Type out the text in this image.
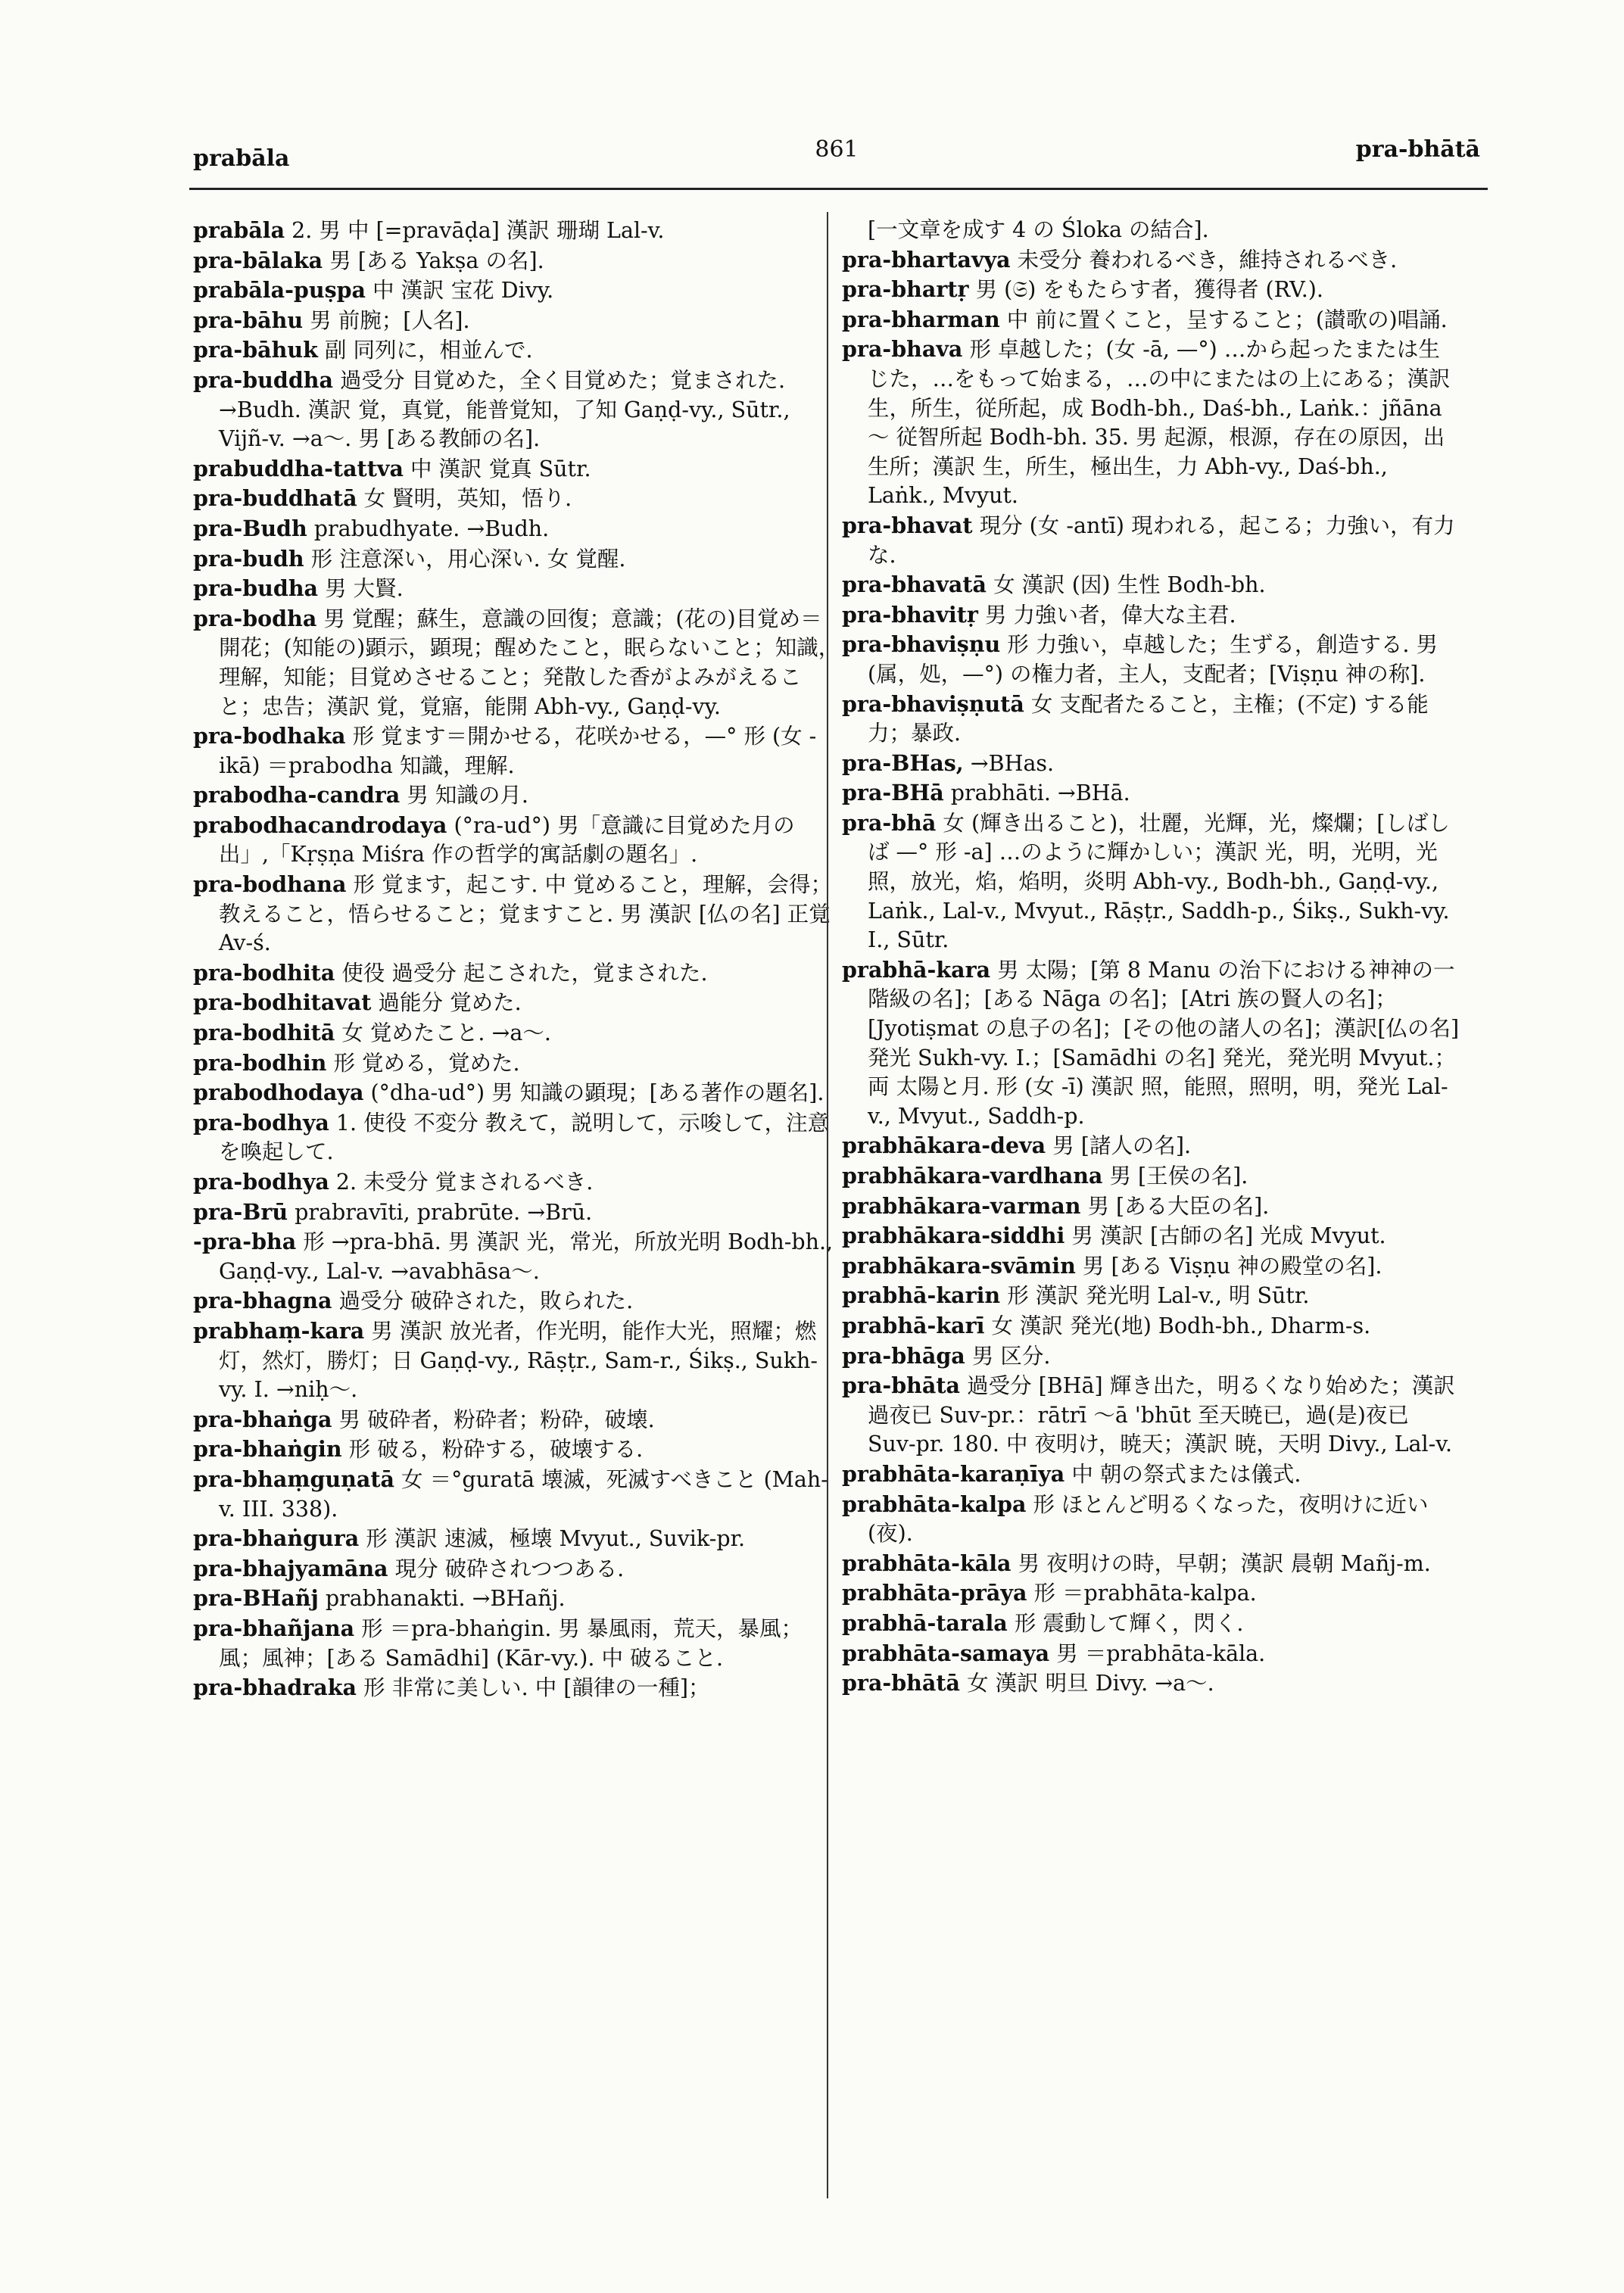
prabāla	861	pra-bhātā

prabāla 2. 男 中 [=pravāḍa] 漢訳 珊瑚 Lal-v.

pra-bālaka 男 [ある Yakṣa の名].

prabāla-puṣpa 中 漢訳 宝花 Divy.

pra-bāhu 男 前腕；[人名].

pra-bāhuk 副 同列に，相並んで.

pra-buddha 過受分 目覚めた，全く目覚めた；覚まされた. →Budh. 漢訳 覚，真覚，能普覚知，了知 Gaṇḍ-vy., Sūtr., Vijñ-v. →a～. 男 [ある教師の名].

prabuddha-tattva 中 漢訳 覚真 Sūtr.

pra-buddhatā 女 賢明，英知，悟り.

pra-Budh prabudhyate. →Budh.

pra-budh 形 注意深い，用心深い. 女 覚醒.

pra-budha 男 大賢.

pra-bodha 男 覚醒；蘇生，意識の回復；意識；(花の)目覚め＝開花；(知能の)顕示，顕現；醒めたこと，眠らないこと；知識，理解，知能；目覚めさせること；発散した香がよみがえること；忠告；漢訳 覚，覚寤，能開 Abh-vy., Gaṇḍ-vy.

pra-bodhaka 形 覚ます＝開かせる，花咲かせる，—° 形 (女 -ikā) ＝prabodha 知識，理解.

prabodha-candra 男 知識の月.

prabodhacandrodaya (°ra-ud°) 男「意識に目覚めた月の出」,「Kṛṣṇa Miśra 作の哲学的寓話劇の題名」.

pra-bodhana 形 覚ます，起こす. 中 覚めること，理解，会得；教えること，悟らせること；覚ますこと. 男 漢訳 [仏の名] 正覚 Av-ś.

pra-bodhita 使役 過受分 起こされた，覚まされた.

pra-bodhitavat 過能分 覚めた.

pra-bodhitā 女 覚めたこと. →a～.

pra-bodhin 形 覚める，覚めた.

prabodhodaya (°dha-ud°) 男 知識の顕現；[ある著作の題名].

pra-bodhya 1. 使役 不変分 教えて，説明して，示唆して，注意を喚起して.

pra-bodhya 2. 未受分 覚まされるべき.

pra-Brū prabravīti, prabrūte. →Brū.

-pra-bha 形 →pra-bhā. 男 漢訳 光，常光，所放光明 Bodh-bh., Gaṇḍ-vy., Lal-v. →avabhāsa～.

pra-bhagna 過受分 破砕された，敗られた.

prabhaṃ-kara 男 漢訳 放光者，作光明，能作大光，照耀；燃灯，然灯，勝灯；日 Gaṇḍ-vy., Rāṣṭr., Sam-r., Śikṣ., Sukh-vy. I. →niḥ～.

pra-bhaṅga 男 破砕者，粉砕者；粉砕，破壊.

pra-bhaṅgin 形 破る，粉砕する，破壊する.

pra-bhaṃguṇatā 女 ＝°guratā 壊滅，死滅すべきこと (Mah-v. III. 338).

pra-bhaṅgura 形 漢訳 速滅，極壊 Mvyut., Suvik-pr.

pra-bhajyamāna 現分 破砕されつつある.

pra-BHañj prabhanakti. →BHañj.

pra-bhañjana 形 ＝pra-bhaṅgin. 男 暴風雨，荒天，暴風；風；風神；[ある Samādhi] (Kār-vy.). 中 破ること.

pra-bhadraka 形 非常に美しい. 中 [韻律の一種]；

[一文章を成す 4 の Śloka の結合].

pra-bhartavya 未受分 養われるべき，維持されるべき.

pra-bhartṛ 男 (𝔖) をもたらす者，獲得者 (RV.).

pra-bharman 中 前に置くこと，呈すること；(讃歌の)唱誦.

pra-bhava 形 卓越した；(女 -ā, —°) …から起ったまたは生じた，…をもって始まる，…の中にまたはの上にある；漢訳 生，所生，従所起，成 Bodh-bh., Daś-bh., Laṅk.：jñāna～ 従智所起 Bodh-bh. 35. 男 起源，根源，存在の原因，出生所；漢訳 生，所生，極出生，力 Abh-vy., Daś-bh., Laṅk., Mvyut.

pra-bhavat 現分 (女 -antī) 現われる，起こる；力強い，有力な.

pra-bhavatā 女 漢訳 (因) 生性 Bodh-bh.

pra-bhavitṛ 男 力強い者，偉大な主君.

pra-bhaviṣṇu 形 力強い，卓越した；生ずる，創造する. 男 (属，処，—°) の権力者，主人，支配者；[Viṣṇu 神の称].

pra-bhaviṣṇutā 女 支配者たること，主権；(不定) する能力；暴政.

pra-BHas, →BHas.

pra-BHā prabhāti. →BHā.

pra-bhā 女 (輝き出ること)，壮麗，光輝，光，燦爛；[しばしば —° 形 -a] …のように輝かしい；漢訳 光，明，光明，光照，放光，焰，焰明，炎明 Abh-vy., Bodh-bh., Gaṇḍ-vy., Laṅk., Lal-v., Mvyut., Rāṣṭr., Saddh-p., Śikṣ., Sukh-vy. I., Sūtr.

prabhā-kara 男 太陽；[第 8 Manu の治下における神神の一階級の名]；[ある Nāga の名]；[Atri 族の賢人の名]；[Jyotiṣmat の息子の名]；[その他の諸人の名]；漢訳[仏の名] 発光 Sukh-vy. I.；[Samādhi の名] 発光，発光明 Mvyut.；両 太陽と月. 形 (女 -ī) 漢訳 照，能照，照明，明，発光 Lal-v., Mvyut., Saddh-p.

prabhākara-deva 男 [諸人の名].

prabhākara-vardhana 男 [王侯の名].

prabhākara-varman 男 [ある大臣の名].

prabhākara-siddhi 男 漢訳 [古師の名] 光成 Mvyut.

prabhākara-svāmin 男 [ある Viṣṇu 神の殿堂の名].

prabhā-karin 形 漢訳 発光明 Lal-v., 明 Sūtr.

prabhā-karī 女 漢訳 発光(地) Bodh-bh., Dharm-s.

pra-bhāga 男 区分.

pra-bhāta 過受分 [BHā] 輝き出た，明るくなり始めた；漢訳 過夜已 Suv-pr.：rātrī ～ā 'bhūt 至天暁已，過(是)夜已 Suv-pr. 180. 中 夜明け，暁天；漢訳 暁，天明 Divy., Lal-v.

prabhāta-karaṇīya 中 朝の祭式または儀式.

prabhāta-kalpa 形 ほとんど明るくなった，夜明けに近い(夜).

prabhāta-kāla 男 夜明けの時，早朝；漢訳 晨朝 Mañj-m.

prabhāta-prāya 形 ＝prabhāta-kalpa.

prabhā-tarala 形 震動して輝く，閃く.

prabhāta-samaya 男 ＝prabhāta-kāla.

pra-bhātā 女 漢訳 明旦 Divy. →a～.
